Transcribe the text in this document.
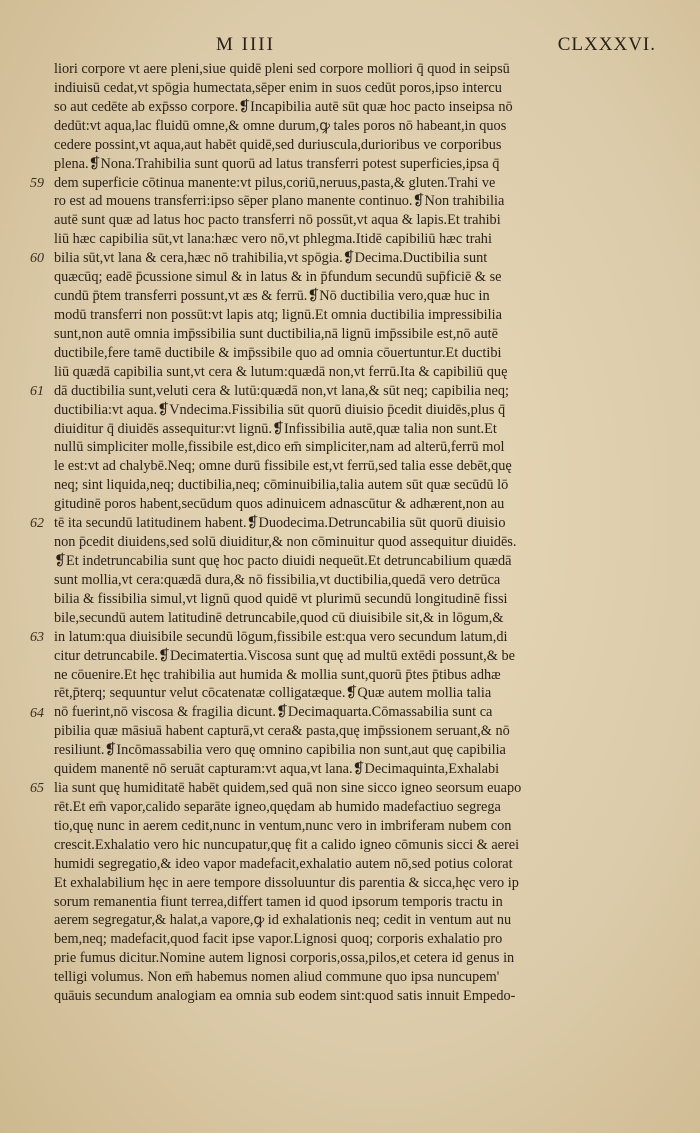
M IIII	CLXXXVI.
liori corpore vt aere pleni,siue quidē pleni sed corpore molliori q̄ quod in seipsū
indiuisū cedat,vt spōgia humectata,sēper enim in suos cedūt poros,ipso intercu
so aut cedēte ab exp̄sso corpore.❡Incapibilia autē sūt quæ hoc pacto inseipsa nō
dedūt:vt aqua,lac fluidū omne,& omne durum,ꝙ tales poros nō habeant,in quos
cedere possint,vt aqua,aut habēt quidē,sed duriuscula,durioribus ve corporibus
plena.❡Nona.Trahibilia sunt quorū ad latus transferri potest superficies,ipsa q̄
dem superficie cōtinua manente:vt pilus,coriū,neruus,pasta,& gluten.Trahi ve
ro est ad mouens transferri:ipso sēper plano manente continuo.❡Non trahibilia
autē sunt quæ ad latus hoc pacto transferri nō possūt,vt aqua & lapis.Et trahibi
liū hæc capibilia sūt,vt lana:hæc vero nō,vt phlegma.Itidē capibiliū hæc trahi
bilia sūt,vt lana & cera,hæc nō trahibilia,vt spōgia.❡Decima.Ductibilia sunt
quæcūq; eadē p̄cussione simul & in latus & in p̄fundum secundū sup̄ficiē & se
cundū p̄tem transferri possunt,vt æs & ferrū.❡Nō ductibilia vero,quæ huc in
modū transferri non possūt:vt lapis atq; lignū.Et omnia ductibilia impressibilia
sunt,non autē omnia imp̄ssibilia sunt ductibilia,nā lignū imp̄ssibile est,nō autē
ductibile,fere tamē ductibile & imp̄ssibile quo ad omnia cōuertuntur.Et ductibi
liū quædā capibilia sunt,vt cera & lutum:quædā non,vt ferrū.Ita & capibiliū quę
dā ductibilia sunt,veluti cera & lutū:quædā non,vt lana,& sūt neq; capibilia neq;
ductibilia:vt aqua.❡Vndecima.Fissibilia sūt quorū diuisio p̄cedit diuidēs,plus q̄
diuiditur q̄ diuidēs assequitur:vt lignū.❡Infissibilia autē,quæ talia non sunt.Et
nullū simpliciter molle,fissibile est,dico em̄ simpliciter,nam ad alterū,ferrū mol
le est:vt ad chalybē.Neq; omne durū fissibile est,vt ferrū,sed talia esse debēt,quę
neq; sint liquida,neq; ductibilia,neq; cōminuibilia,talia autem sūt quæ secūdū lō
gitudinē poros habent,secūdum quos adinuicem adnascūtur & adhærent,non au
tē ita secundū latitudinem habent.❡Duodecima.Detruncabilia sūt quorū diuisio
non p̄cedit diuidens,sed solū diuiditur,& non cōminuitur quod assequitur diuidēs.
❡Et indetruncabilia sunt quę hoc pacto diuidi nequeūt.Et detruncabilium quædā
sunt mollia,vt cera:quædā dura,& nō fissibilia,vt ductibilia,quedā vero detrūca
bilia & fissibilia simul,vt lignū quod quidē vt plurimū secundū longitudinē fissi
bile,secundū autem latitudinē detruncabile,quod cū diuisibile sit,& in lōgum,&
in latum:qua diuisibile secundū lōgum,fissibile est:qua vero secundum latum,di
citur detruncabile.❡Decimatertia.Viscosa sunt quę ad multū extēdi possunt,& be
ne cōuenire.Et hęc trahibilia aut humida & mollia sunt,quorū p̄tes p̄tibus adhæ
rēt,p̄terq; sequuntur velut cōcatenatæ colligatæque.❡Quæ autem mollia talia
nō fuerint,nō viscosa & fragilia dicunt.❡Decimaquarta.Cōmassabilia sunt ca
pibilia quæ māsiuā habent capturā,vt cera& pasta,quę imp̄ssionem seruant,& nō
resiliunt.❡Incōmassabilia vero quę omnino capibilia non sunt,aut quę capibilia
quidem manentē nō seruāt capturam:vt aqua,vt lana.❡Decimaquinta,Exhalabi
lia sunt quę humiditatē habēt quidem,sed quā non sine sicco igneo seorsum euapo
rēt.Et em̄ vapor,calido separāte igneo,quędam ab humido madefactiuo segrega
tio,quę nunc in aerem cedit,nunc in ventum,nunc vero in imbriferam nubem con
crescit.Exhalatio vero hic nuncupatur,quę fit a calido igneo cōmunis sicci & aerei
humidi segregatio,& ideo vapor madefacit,exhalatio autem nō,sed potius colorat
Et exhalabilium hęc in aere tempore dissoluuntur dis parentia & sicca,hęc vero ip
sorum remanentia fiunt terrea,differt tamen id quod ipsorum temporis tractu in
aerem segregatur,& halat,a vapore,ꝙ id exhalationis neq; cedit in ventum aut nu
bem,neq; madefacit,quod facit ipse vapor.Lignosi quoq; corporis exhalatio pro
prie fumus dicitur.Nomine autem lignosi corporis,ossa,pilos,et cetera id genus in
telligi volumus. Non em̄ habemus nomen aliud commune quo ipsa nuncupem'
quāuis secundum analogiam ea omnia sub eodem sint:quod satis innuit Empedo-
59
60
61
62
63
64
65
